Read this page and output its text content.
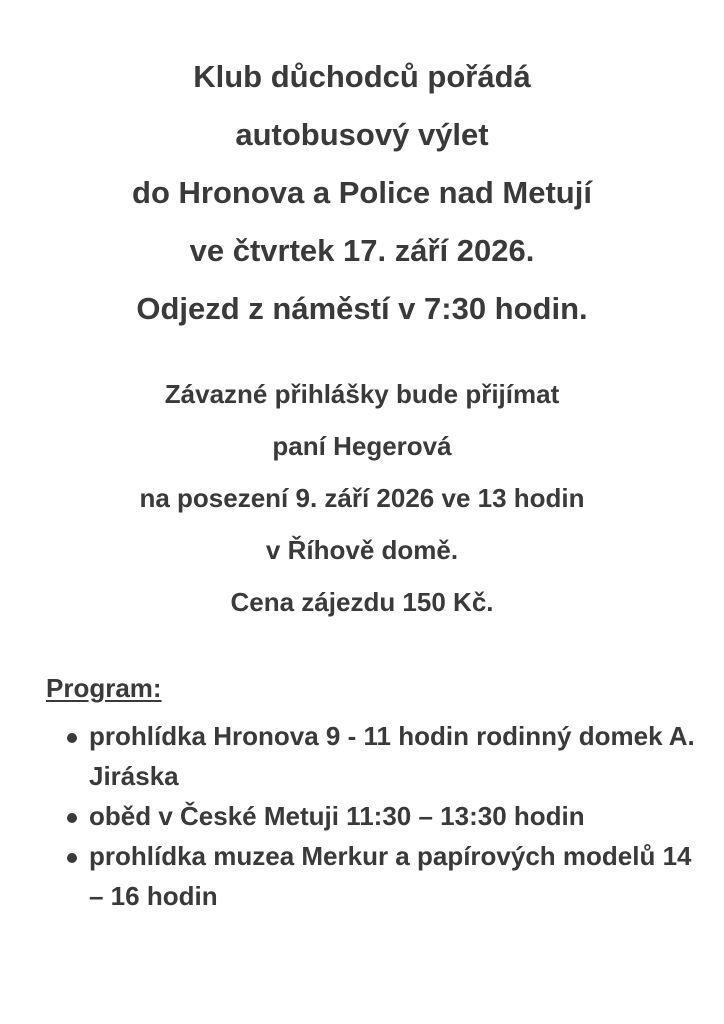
Klub důchodců pořádá
autobusový výlet
do Hronova a Police nad Metují
ve čtvrtek 17. září 2026.
Odjezd z náměstí v 7:30 hodin.
Závazné přihlášky bude přijímat
paní Hegerová
na posezení 9. září 2026 ve 13 hodin
v Říhově domě.
Cena zájezdu 150 Kč.
Program:
prohlídka Hronova 9 - 11 hodin rodinný domek A. Jiráska
oběd v České Metuji 11:30 – 13:30 hodin
prohlídka muzea Merkur a papírových modelů 14 – 16 hodin
